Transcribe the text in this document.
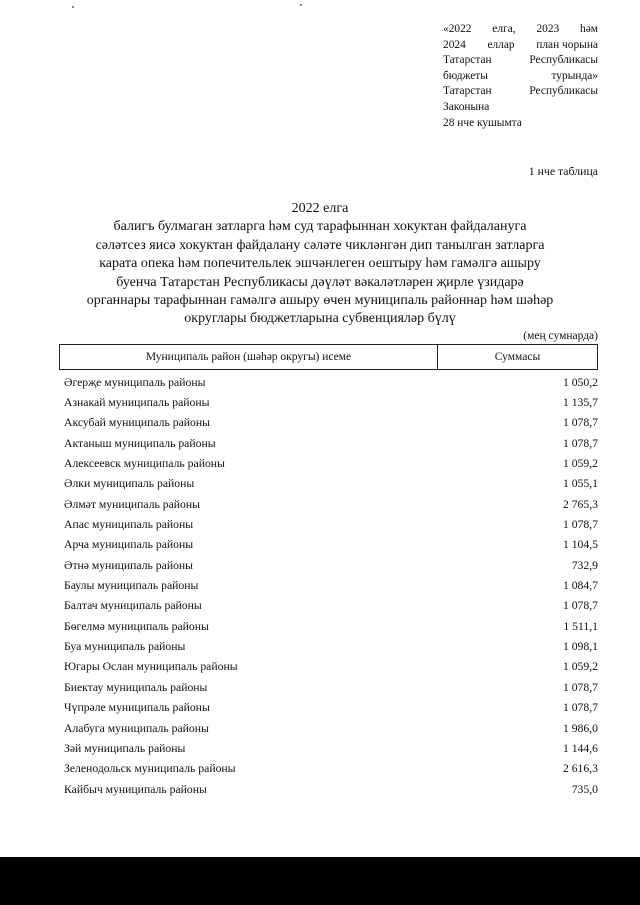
«2022 елга, 2023 һәм
2024 еллар план чорына
Татарстан	Республикасы
бюджеты	турында»
Татарстан	Республикасы
Законына
28 нче кушымта
1 нче таблица
2022 елга
балигъ булмаган затларга һәм суд тарафыннан хокуктан файдалануга
сәләтсез яисә хокуктан файдалану сәләте чикләнгән дип танылган затларга
карата опека һәм попечительлек эшчәнлеген оештыру һәм гамәлгә ашыру
буенча Татарстан Республикасы дәүләт вәкаләтләрен җирле үзидарә
органнары тарафыннан гамәлгә ашыру өчен муниципаль районнар һәм шәһәр
округлары бюджетларына субвенцияләр бүлү
(мең сумнарда)
Муниципаль район (шәһәр округы) исеме	Суммасы
Әгерҗе муниципаль районы	1 050,2
Азнакай муниципаль районы	1 135,7
Аксубай муниципаль районы	1 078,7
Актаныш муниципаль районы	1 078,7
Алексеевск муниципаль районы	1 059,2
Әлки муниципаль районы	1 055,1
Әлмәт муниципаль районы	2 765,3
Апас муниципаль районы	1 078,7
Арча муниципаль районы	1 104,5
Әтнә муниципаль районы	732,9
Баулы муниципаль районы	1 084,7
Балтач муниципаль районы	1 078,7
Бөгелмә муниципаль районы	1 511,1
Буа муниципаль районы	1 098,1
Югары Ослан муниципаль районы	1 059,2
Биектау муниципаль районы	1 078,7
Чүпрәле муниципаль районы	1 078,7
Алабуга муниципаль районы	1 986,0
Зәй муниципаль районы	1 144,6
Зеленодольск муниципаль районы	2 616,3
Кайбыч муниципаль районы	735,0
